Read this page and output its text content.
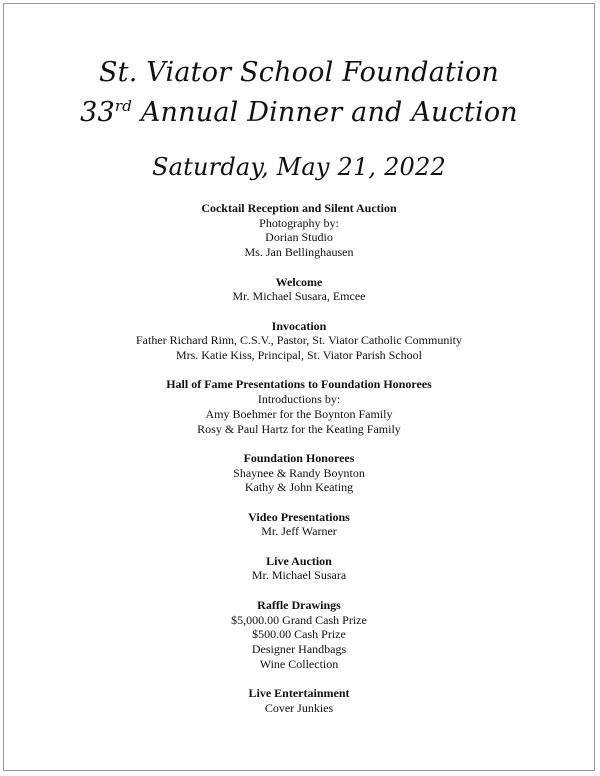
St. Viator School Foundation
33rd Annual Dinner and Auction
Saturday, May 21, 2022
Cocktail Reception and Silent Auction
Photography by:
Dorian Studio
Ms. Jan Bellinghausen
Welcome
Mr. Michael Susara, Emcee
Invocation
Father Richard Rinn, C.S.V., Pastor, St. Viator Catholic Community
Mrs. Katie Kiss, Principal, St. Viator Parish School
Hall of Fame Presentations to Foundation Honorees
Introductions by:
Amy Boehmer for the Boynton Family
Rosy & Paul Hartz for the Keating Family
Foundation Honorees
Shaynee & Randy Boynton
Kathy & John Keating
Video Presentations
Mr. Jeff Warner
Live Auction
Mr. Michael Susara
Raffle Drawings
$5,000.00 Grand Cash Prize
$500.00 Cash Prize
Designer Handbags
Wine Collection
Live Entertainment
Cover Junkies
